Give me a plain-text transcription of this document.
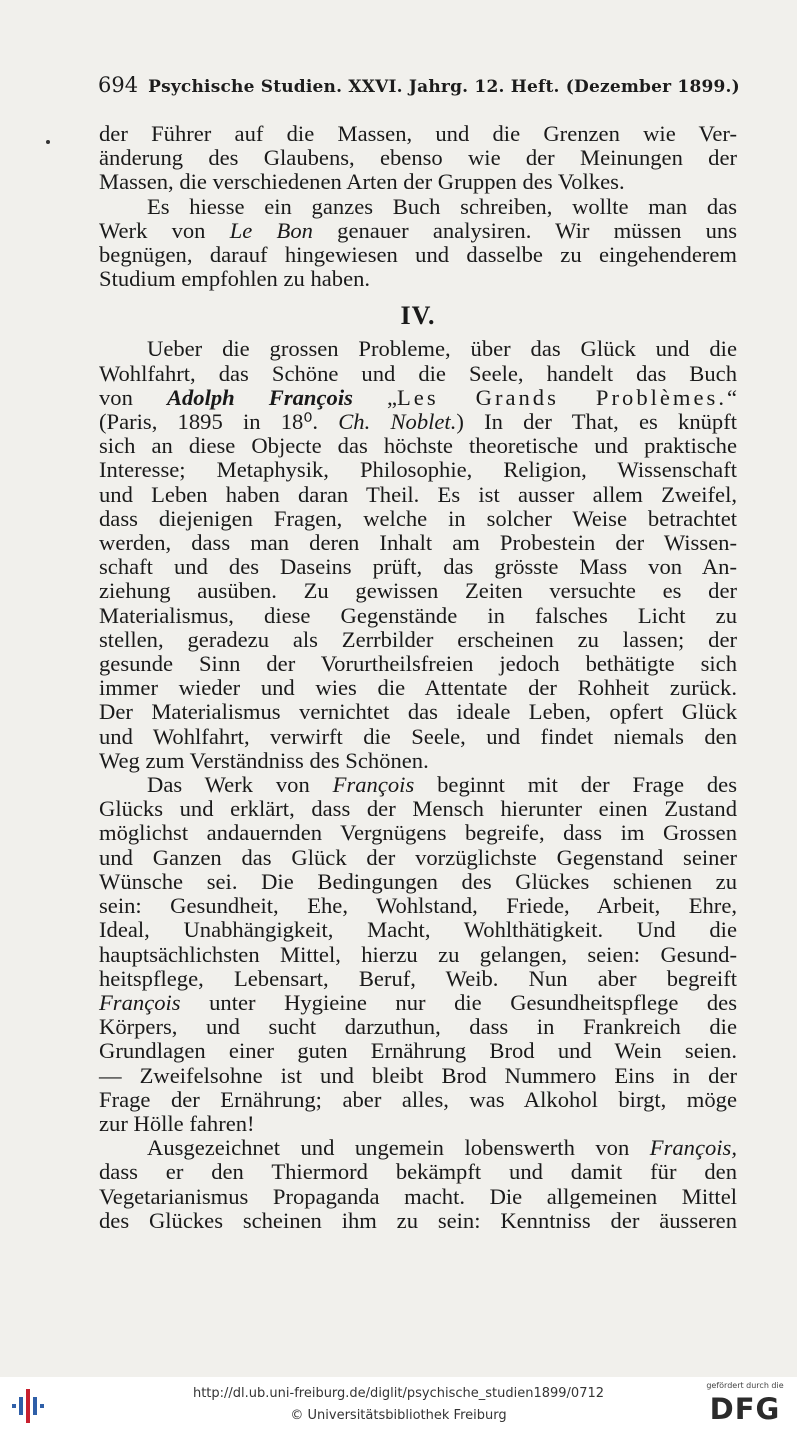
694 Psychische Studien. XXVI. Jahrg. 12. Heft. (Dezember 1899.)

der Führer auf die Massen, und die Grenzen wie Ver-

änderung des Glaubens, ebenso wie der Meinungen der

Massen, die verschiedenen Arten der Gruppen des Volkes.

Es hiesse ein ganzes Buch schreiben, wollte man das

Werk von Le Bon genauer analysiren. Wir müssen uns

begnügen, darauf hingewiesen und dasselbe zu eingehenderem

Studium empfohlen zu haben.

IV.

Ueber die grossen Probleme, über das Glück und die

Wohlfahrt, das Schöne und die Seele, handelt das Buch

von Adolph François „Les Grands Problèmes.“

(Paris, 1895 in 18⁰. Ch. Noblet.) In der That, es knüpft

sich an diese Objecte das höchste theoretische und praktische

Interesse; Metaphysik, Philosophie, Religion, Wissenschaft

und Leben haben daran Theil. Es ist ausser allem Zweifel,

dass diejenigen Fragen, welche in solcher Weise betrachtet

werden, dass man deren Inhalt am Probestein der Wissen-

schaft und des Daseins prüft, das grösste Mass von An-

ziehung ausüben. Zu gewissen Zeiten versuchte es der

Materialismus, diese Gegenstände in falsches Licht zu

stellen, geradezu als Zerrbilder erscheinen zu lassen; der

gesunde Sinn der Vorurtheilsfreien jedoch bethätigte sich

immer wieder und wies die Attentate der Rohheit zurück.

Der Materialismus vernichtet das ideale Leben, opfert Glück

und Wohlfahrt, verwirft die Seele, und findet niemals den

Weg zum Verständniss des Schönen.

Das Werk von François beginnt mit der Frage des

Glücks und erklärt, dass der Mensch hierunter einen Zustand

möglichst andauernden Vergnügens begreife, dass im Grossen

und Ganzen das Glück der vorzüglichste Gegenstand seiner

Wünsche sei. Die Bedingungen des Glückes schienen zu

sein: Gesundheit, Ehe, Wohlstand, Friede, Arbeit, Ehre,

Ideal, Unabhängigkeit, Macht, Wohlthätigkeit. Und die

hauptsächlichsten Mittel, hierzu zu gelangen, seien: Gesund-

heitspflege, Lebensart, Beruf, Weib. Nun aber begreift

François unter Hygieine nur die Gesundheitspflege des

Körpers, und sucht darzuthun, dass in Frankreich die

Grundlagen einer guten Ernährung Brod und Wein seien.

— Zweifelsohne ist und bleibt Brod Nummero Eins in der

Frage der Ernährung; aber alles, was Alkohol birgt, möge

zur Hölle fahren!

Ausgezeichnet und ungemein lobenswerth von François,

dass er den Thiermord bekämpft und damit für den

Vegetarianismus Propaganda macht. Die allgemeinen Mittel

des Glückes scheinen ihm zu sein: Kenntniss der äusseren

http://dl.ub.uni-freiburg.de/diglit/psychische_studien1899/0712
© Universitätsbibliothek Freiburg
gefördert durch die
DFG
